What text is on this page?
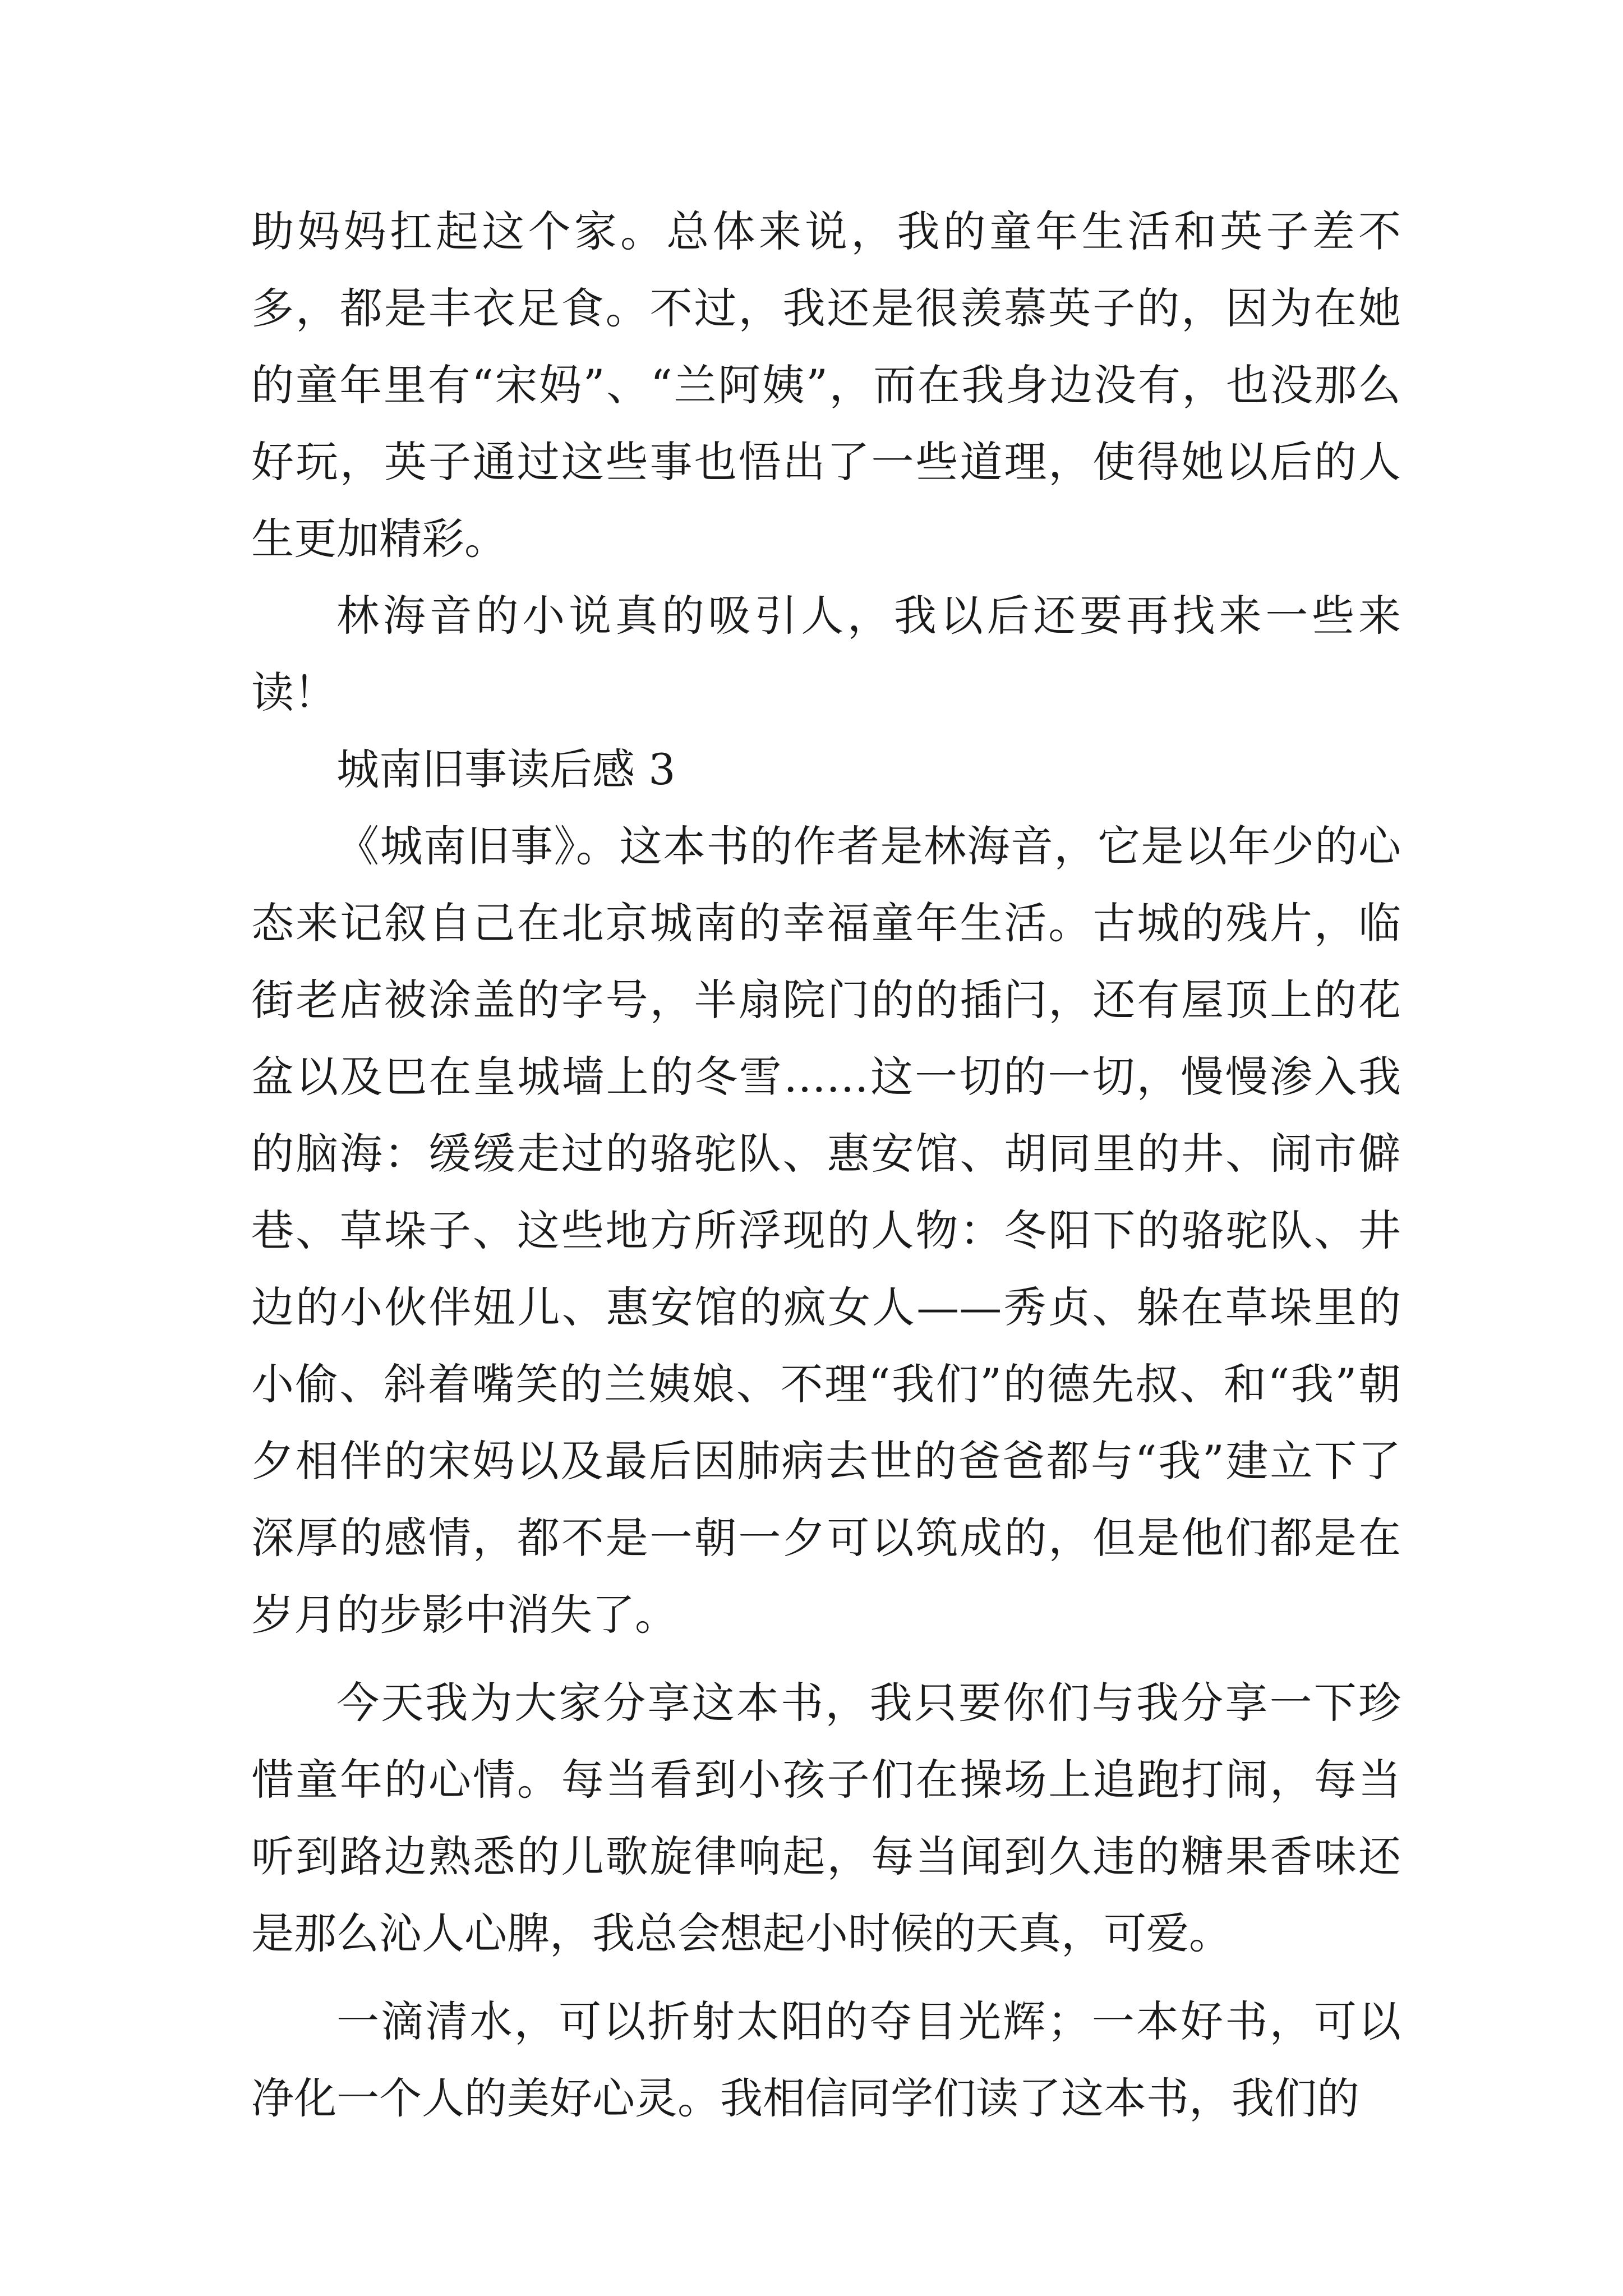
助妈妈扛起这个家。总体来说，我的童年生活和英子差不多，都是丰衣足食。不过，我还是很羡慕英子的，因为在她的童年里有“宋妈”、“兰阿姨”，而在我身边没有，也没那么好玩，英子通过这些事也悟出了一些道理，使得她以后的人生更加精彩。

林海音的小说真的吸引人，我以后还要再找来一些来读！

城南旧事读后感 3

《城南旧事》。这本书的作者是林海音，它是以年少的心态来记叙自己在北京城南的幸福童年生活。古城的残片，临街老店被涂盖的字号，半扇院门的的插闩，还有屋顶上的花盆以及巴在皇城墙上的冬雪……这一切的一切，慢慢渗入我的脑海：缓缓走过的骆驼队、惠安馆、胡同里的井、闹市僻巷、草垛子、这些地方所浮现的人物：冬阳下的骆驼队、井边的小伙伴妞儿、惠安馆的疯女人——秀贞、躲在草垛里的小偷、斜着嘴笑的兰姨娘、不理“我们”的德先叔、和“我”朝夕相伴的宋妈以及最后因肺病去世的爸爸都与“我”建立下了深厚的感情，都不是一朝一夕可以筑成的，但是他们都是在岁月的步影中消失了。

今天我为大家分享这本书，我只要你们与我分享一下珍惜童年的心情。每当看到小孩子们在操场上追跑打闹，每当听到路边熟悉的儿歌旋律响起，每当闻到久违的糖果香味还是那么沁人心脾，我总会想起小时候的天真，可爱。

一滴清水，可以折射太阳的夺目光辉；一本好书，可以净化一个人的美好心灵。我相信同学们读了这本书，我们的
